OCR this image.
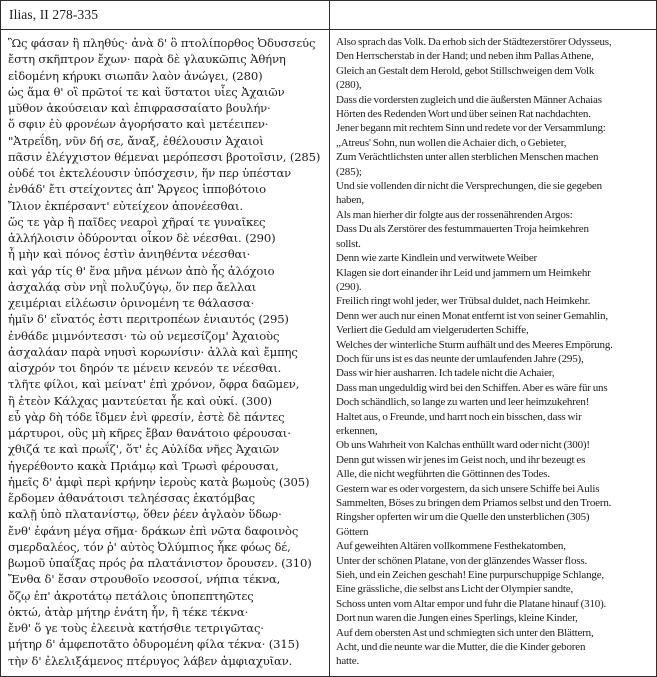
Ilias, II 278-335
Ὣς φάσαν ἣ πληθύς· ἀνὰ δ' ὃ πτολίπορθος Ὀδυσσεύς
ἔστη σκῆπτρον ἔχων· παρὰ δὲ γλαυκῶπις Ἀθήνη
εἰδομένη κήρυκι σιωπᾶν λαὸν ἀνώγει, (280)
ὡς ἅμα θ' οἳ πρῶτοί τε καὶ ὕστατοι υἷες Ἀχαιῶν
μῦθον ἀκούσειαν καὶ ἐπιφρασσαίατο βουλήν·
ὅ σφιν ἐὺ φρονέων ἀγορήσατο καὶ μετέειπεν·
"Ἀτρεΐδη, νῦν δή σε, ἄναξ, ἐθέλουσιν Ἀχαιοὶ
πᾶσιν ἐλέγχιστον θέμεναι μερόπεσσι βροτοῖσιν, (285)
οὐδέ τοι ἐκτελέουσιν ὑπόσχεσιν, ἥν περ ὑπέσταν
ἐνθάδ' ἔτι στείχοντες ἀπ' Ἄργεος ἱπποβότοιο
Ἴλιον ἐκπέρσαντ' εὐτείχεον ἀπονέεσθαι.
ὥς τε γὰρ ἢ παῖδες νεαροὶ χῆραί τε γυναῖκες
ἀλλήλοισιν ὀδύρονται οἶκον δὲ νέεσθαι. (290)
ἦ μὴν καὶ πόνος ἐστὶν ἀνιηθέντα νέεσθαι·
καὶ γάρ τίς θ' ἕνα μῆνα μένων ἀπὸ ἧς ἀλόχοιο
ἀσχαλάᾳ σὺν νηῒ πολυζύγῳ, ὅν περ ἄελλαι
χειμέριαι εἰλέωσιν ὀρινομένη τε θάλασσα·
ἡμῖν δ' εἴνατός ἐστι περιτροπέων ἐνιαυτός (295)
ἐνθάδε μιμνόντεσσι· τὼ οὐ νεμεσίζομ' Ἀχαιοὺς
ἀσχαλάαν παρὰ νηυσὶ κορωνίσιν· ἀλλὰ καὶ ἔμπης
αἰσχρόν τοι δηρόν τε μένειν κενεόν τε νέεσθαι.
τλῆτε φίλοι, καὶ μείνατ' ἐπὶ χρόνον, ὄφρα δαῶμεν,
ἢ ἐτεὸν Κάλχας μαντεύεται ἦε καὶ οὐκί. (300)
εὖ γὰρ δὴ τόδε ἴδμεν ἐνὶ φρεσίν, ἐστὲ δὲ πάντες
μάρτυροι, οὓς μὴ κῆρες ἔβαν θανάτοιο φέρουσαι·
χθιζά τε καὶ πρωΐζ', ὅτ' ἐς Αὐλίδα νῆες Ἀχαιῶν
ἠγερέθοντο κακὰ Πριάμῳ καὶ Τρωσὶ φέρουσαι,
ἡμεῖς δ' ἀμφὶ περὶ κρήνην ἱεροὺς κατὰ βωμοὺς (305)
ἕρδομεν ἀθανάτοισι τεληέσσας ἑκατόμβας
καλῇ ὑπὸ πλατανίστῳ, ὅθεν ῥέεν ἀγλαὸν ὕδωρ·
ἔνθ' ἐφάνη μέγα σῆμα· δράκων ἐπὶ νῶτα δαφοινὸς
σμερδαλέος, τόν ῥ' αὐτὸς Ὀλύμπιος ἧκε φόως δέ,
βωμοῦ ὑπαΐξας πρός ῥα πλατάνιστον ὄρουσεν. (310)
Ἔνθα δ' ἔσαν στρουθοῖο νεοσσοί, νήπια τέκνα,
ὄζῳ ἐπ' ἀκροτάτῳ πετάλοις ὑποπεπτηῶτες
ὀκτώ, ἀτὰρ μήτηρ ἐνάτη ἦν, ἣ τέκε τέκνα·
ἔνθ' ὅ γε τοὺς ἐλεεινὰ κατήσθιε τετριγῶτας·
μήτηρ δ' ἀμφεποτᾶτο ὀδυρομένη φίλα τέκνα· (315)
τὴν δ' ἐλελιξάμενος πτέρυγος λάβεν ἀμφιαχυῖαν.
Also sprach das Volk. Da erhob sich der Städtezerstörer Odysseus,
Den Herrscherstab in der Hand; und neben ihm Pallas Athene,
Gleich an Gestalt dem Herold, gebot Stillschweigen dem Volk
(280),
Dass die vordersten zugleich und die äußersten Männer Achaias
Hörten des Redenden Wort und über seinen Rat nachdachten.
Jener begann mit rechtem Sinn und redete vor der Versammlung:
„Atreus' Sohn, nun wollen die Achaier dich, o Gebieter,
Zum Verächtlichsten unter allen sterblichen Menschen machen
(285);
Und sie vollenden dir nicht die Versprechungen, die sie gegeben
haben,
Als man hierher dir folgte aus der rossenährenden Argos:
Dass Du als Zerstörer des festummauerten Troja heimkehren
sollst.
Denn wie zarte Kindlein und verwitwete Weiber
Klagen sie dort einander ihr Leid und jammern um Heimkehr
(290).
Freilich ringt wohl jeder, wer Trübsal duldet, nach Heimkehr.
Denn wer auch nur einen Monat entfernt ist von seiner Gemahlin,
Verliert die Geduld am vielgeruderten Schiffe,
Welches der winterliche Sturm aufhält und des Meeres Empörung.
Doch für uns ist es das neunte der umlaufenden Jahre (295),
Dass wir hier ausharren. Ich tadele nicht die Achaier,
Dass man ungeduldig wird bei den Schiffen. Aber es wäre für uns
Doch schändlich, so lange zu warten und leer heimzukehren!
Haltet aus, o Freunde, und harrt noch ein bisschen, dass wir
erkennen,
Ob uns Wahrheit von Kalchas enthüllt ward oder nicht (300)!
Denn gut wissen wir jenes im Geist noch, und ihr bezeugt es
Alle, die nicht wegführten die Göttinnen des Todes.
Gestern war es oder vorgestern, da sich unsere Schiffe bei Aulis
Sammelten, Böses zu bringen dem Priamos selbst und den Troern.
Ringsher opferten wir um die Quelle den unsterblichen (305)
Göttern
Auf geweihten Altären vollkommene Festhekatomben,
Unter der schönen Platane, von der glänzendes Wasser floss.
Sieh, und ein Zeichen geschah! Eine purpurschuppige Schlange,
Eine grässliche, die selbst ans Licht der Olympier sandte,
Schoss unten vom Altar empor und fuhr die Platane hinauf (310).
Dort nun waren die Jungen eines Sperlings, kleine Kinder,
Auf dem obersten Ast und schmiegten sich unter den Blättern,
Acht, und die neunte war die Mutter, die die Kinder geboren
hatte.
